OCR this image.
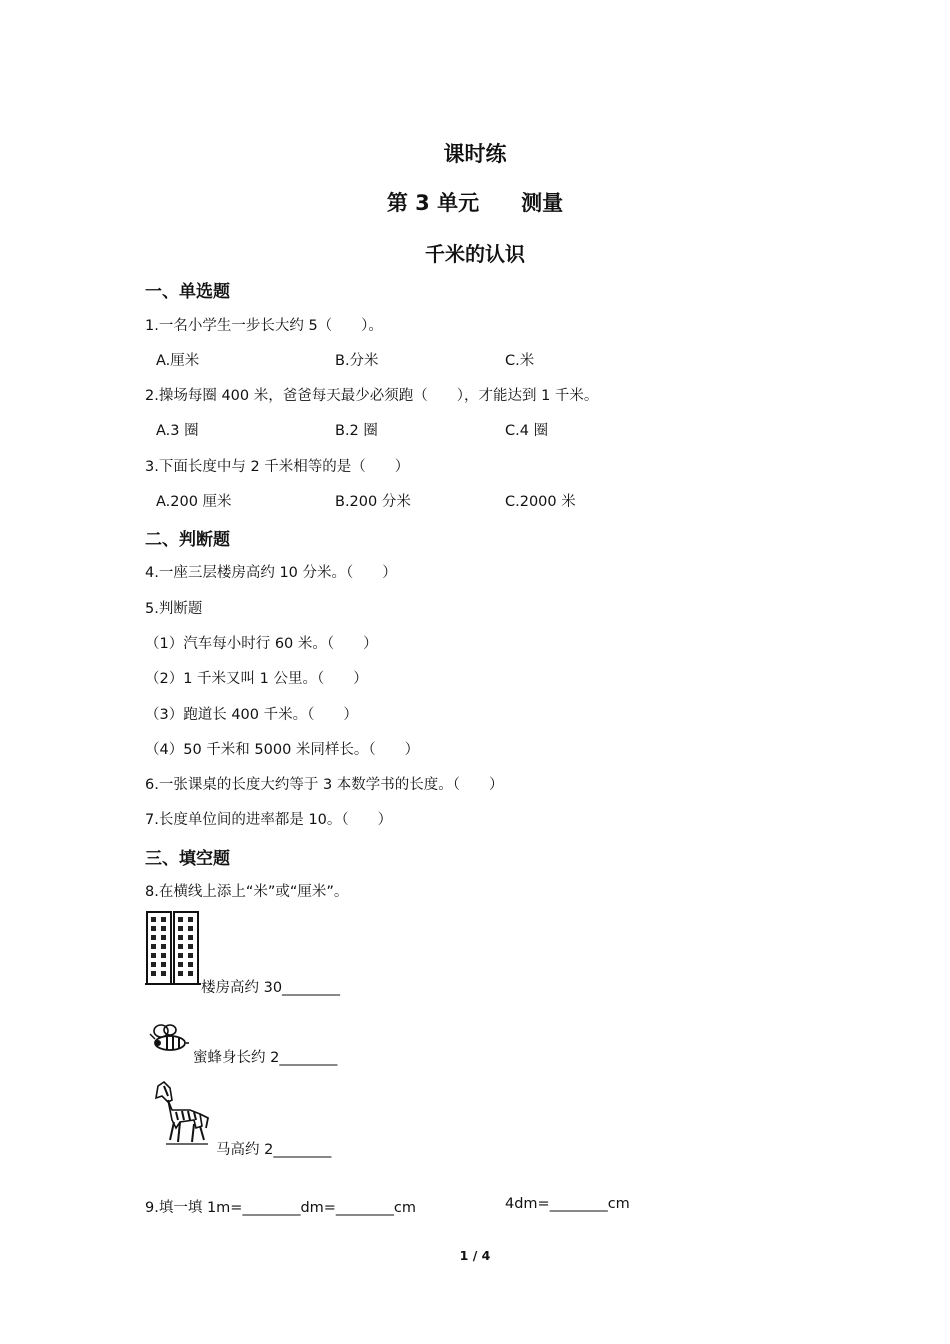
课时练
第 3 单元　　测量
千米的认识
一、单选题
1.一名小学生一步长大约 5（　　）。
A.厘米	B.分米	C.米
2.操场每圈 400 米，爸爸每天最少必须跑（　　），才能达到 1 千米。
A.3 圈	B.2 圈	C.4 圈
3.下面长度中与 2 千米相等的是（　　）
A.200 厘米	B.200 分米	C.2000 米
二、判断题
4.一座三层楼房高约 10 分米。（　　）
5.判断题
（1）汽车每小时行 60 米。（　　）
（2）1 千米又叫 1 公里。（　　）
（3）跑道长 400 千米。（　　）
（4）50 千米和 5000 米同样长。（　　）
6.一张课桌的长度大约等于 3 本数学书的长度。（　　）
7.长度单位间的进率都是 10。（　　）
三、填空题
8.在横线上添上“米”或“厘米”。
楼房高约 30________
蜜蜂身长约 2________
马高约 2________
9.填一填 1m=________dm=________cm	4dm=________cm
1 / 4
